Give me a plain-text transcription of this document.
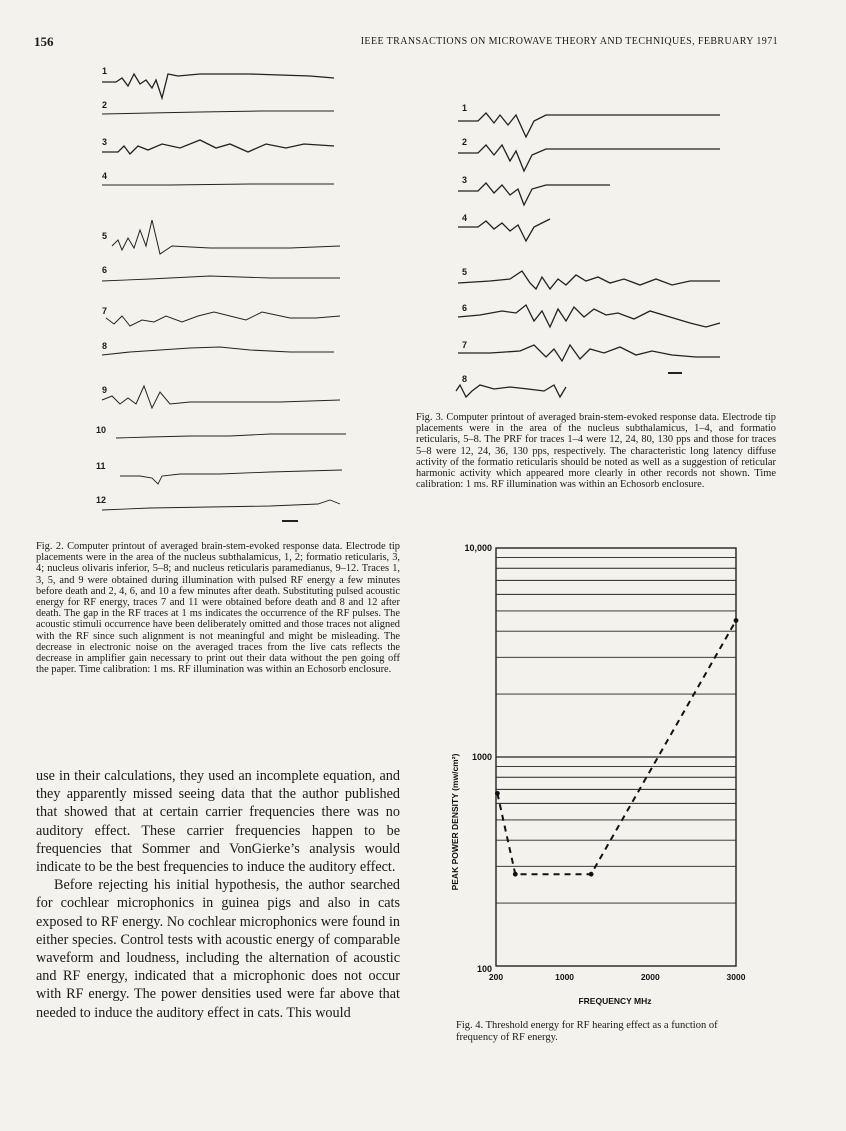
156	IEEE TRANSACTIONS ON MICROWAVE THEORY AND TECHNIQUES, FEBRUARY 1971
1
2
3
4
5
6
7
8
9
10
11
12
1
2
3
4
5
6
7
8
Fig. 3. Computer printout of averaged brain-stem-evoked response data. Electrode tip placements were in the area of the nucleus subthalamicus, 1–4, and formatio reticularis, 5–8. The PRF for traces 1–4 were 12, 24, 80, 130 pps and those for traces 5–8 were 12, 24, 36, 130 pps, respectively. The characteristic long latency diffuse activity of the formatio reticularis should be noted as well as a suggestion of reticular harmonic activity which appeared more clearly in other records not shown. Time calibration: 1 ms. RF illumination was within an Echosorb enclosure.
Fig. 2. Computer printout of averaged brain-stem-evoked response data. Electrode tip placements were in the area of the nucleus subthalamicus, 1, 2; formatio reticularis, 3, 4; nucleus olivaris inferior, 5–8; and nucleus reticularis paramedianus, 9–12. Traces 1, 3, 5, and 9 were obtained during illumination with pulsed RF energy a few minutes before death and 2, 4, 6, and 10 a few minutes after death. Substituting pulsed acoustic energy for RF energy, traces 7 and 11 were obtained before death and 8 and 12 after death. The gap in the RF traces at 1 ms indicates the occurrence of the RF pulses. The acoustic stimuli occurrence have been deliberately omitted and those traces not aligned with the RF since such alignment is not meaningful and might be misleading. The decrease in electronic noise on the averaged traces from the live cats reflects the decrease in amplifier gain necessary to print out their data without the pen going off the paper. Time calibration: 1 ms. RF illumination was within an Echosorb enclosure.

use in their calculations, they used an incomplete equation, and they apparently missed seeing data that the author published that showed that at certain carrier frequencies there was no auditory effect. These carrier frequencies happen to be frequencies that Sommer and VonGierke’s analysis would indicate to be the best frequencies to induce the auditory effect.

Before rejecting his initial hypothesis, the author searched for cochlear microphonics in guinea pigs and also in cats exposed to RF energy. No cochlear microphonics were found in either species. Control tests with acoustic energy of comparable waveform and loudness, including the alternation of acoustic and RF energy, indicated that a microphonic does not occur with RF energy. The power densities used were far above that needed to induce the auditory effect in cats. This would

100
1000
10,000
200	1000	2000	3000
PEAK POWER DENSITY (mw/cm²)
FREQUENCY MHz
Fig. 4. Threshold energy for RF hearing effect as a function of frequency of RF energy.
